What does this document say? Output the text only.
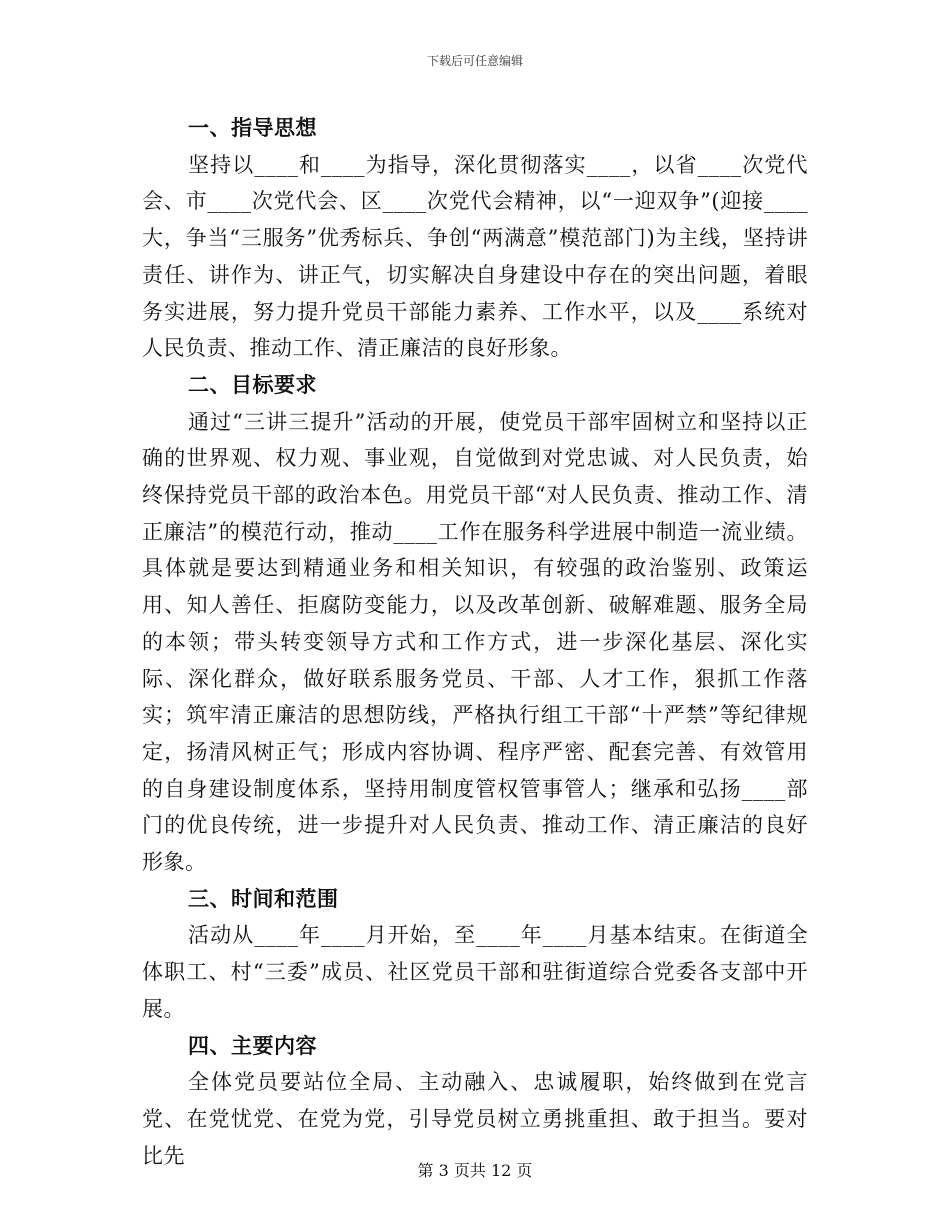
下载后可任意编辑
一、指导思想

坚持以____和____为指导，深化贯彻落实____，以省____次党代会、市____次党代会、区____次党代会精神，以“一迎双争”(迎接____大，争当“三服务”优秀标兵、争创“两满意”模范部门)为主线，坚持讲责任、讲作为、讲正气，切实解决自身建设中存在的突出问题，着眼务实进展，努力提升党员干部能力素养、工作水平，以及____系统对人民负责、推动工作、清正廉洁的良好形象。

二、目标要求

通过“三讲三提升”活动的开展，使党员干部牢固树立和坚持以正确的世界观、权力观、事业观，自觉做到对党忠诚、对人民负责，始终保持党员干部的政治本色。用党员干部“对人民负责、推动工作、清正廉洁”的模范行动，推动____工作在服务科学进展中制造一流业绩。具体就是要达到精通业务和相关知识，有较强的政治鉴别、政策运用、知人善任、拒腐防变能力，以及改革创新、破解难题、服务全局的本领；带头转变领导方式和工作方式，进一步深化基层、深化实际、深化群众，做好联系服务党员、干部、人才工作，狠抓工作落实；筑牢清正廉洁的思想防线，严格执行组工干部“十严禁”等纪律规定，扬清风树正气；形成内容协调、程序严密、配套完善、有效管用的自身建设制度体系，坚持用制度管权管事管人；继承和弘扬____部门的优良传统，进一步提升对人民负责、推动工作、清正廉洁的良好形象。

三、时间和范围

活动从____年____月开始，至____年____月基本结束。在街道全体职工、村“三委”成员、社区党员干部和驻街道综合党委各支部中开展。

四、主要内容

全体党员要站位全局、主动融入、忠诚履职，始终做到在党言党、在党忧党、在党为党，引导党员树立勇挑重担、敢于担当。要对比先

第 3 页共 12 页
